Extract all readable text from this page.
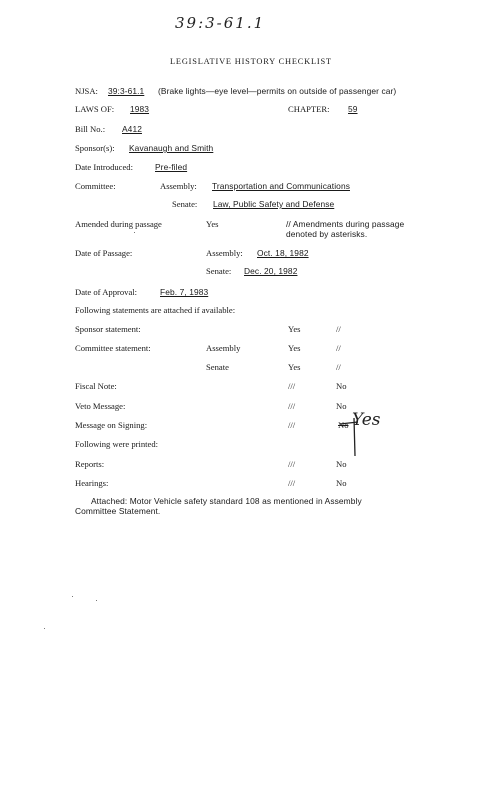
39:3-61.1
LEGISLATIVE HISTORY CHECKLIST
NJSA: 39:3-61.1 (Brake lights—eye level—permits on outside of passenger car)
LAWS OF: 1983	CHAPTER: 59
Bill No.: A412
Sponsor(s): Kavanaugh and Smith
Date Introduced:	Pre-filed
Committee:	Assembly: Transportation and Communications
Senate: Law, Public Safety and Defense
Amended during passage	Yes	// Amendments during passage
denoted by asterisks.
Date of Passage:	Assembly: Oct. 18, 1982
Senate: Dec. 20, 1982
Date of Approval:	Feb. 7, 1983
Following statements are attached if available:
Sponsor statement:	Yes	//
Committee statement:	Assembly	Yes	//
Senate	Yes	//
Fiscal Note:	///	No
Veto Message:	///	No
Message on Signing:	///	No Yes
Following were printed:
Reports:	///	No
Hearings:	///	No
Attached: Motor Vehicle safety standard 108 as mentioned in Assembly
Committee Statement.
